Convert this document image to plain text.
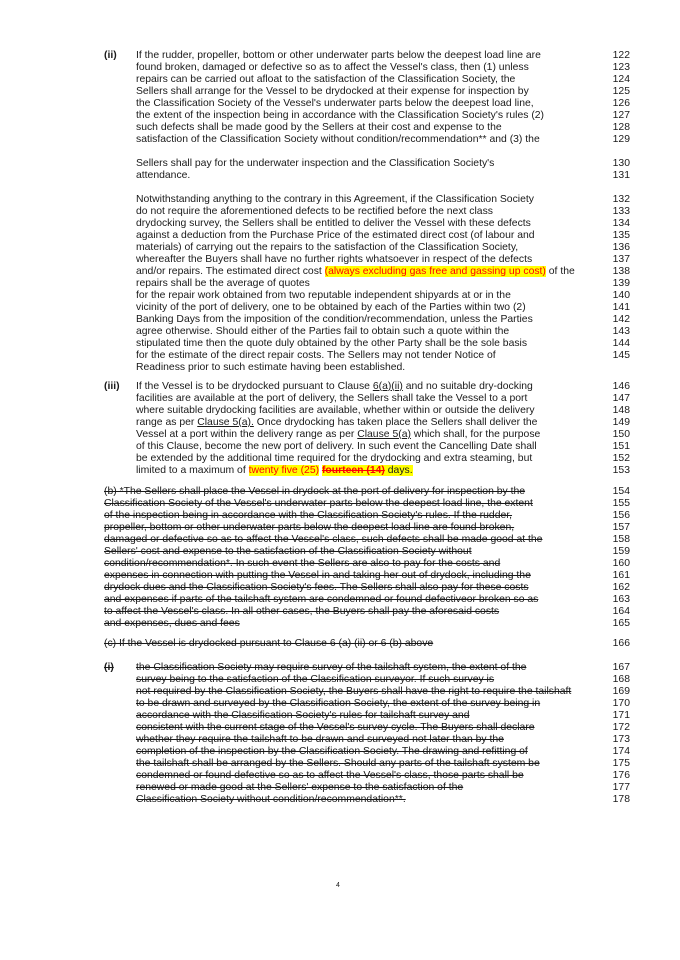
(ii) If the rudder, propeller, bottom or other underwater parts below the deepest load line are	122
found broken, damaged or defective so as to affect the Vessel's class, then (1) unless	123
repairs can be carried out afloat to the satisfaction of the Classification Society, the	124
Sellers shall arrange for the Vessel to be drydocked at their expense for inspection by	125
the Classification Society of the Vessel's underwater parts below the deepest load line,	126
the extent of the inspection being in accordance with the Classification Society's rules (2)	127
such defects shall be made good by the Sellers at their cost and expense to the	128
satisfaction of the Classification Society without condition/recommendation** and (3) the	129
Sellers shall pay for the underwater inspection and the Classification Society's	130
attendance.	131
Notwithstanding anything to the contrary in this Agreement, if the Classification Society	132
do not require the aforementioned defects to be rectified before the next class	133
drydocking survey, the Sellers shall be entitled to deliver the Vessel with these defects	134
against a deduction from the Purchase Price of the estimated direct cost (of labour and	135
materials) of carrying out the repairs to the satisfaction of the Classification Society,	136
whereafter the Buyers shall have no further rights whatsoever in respect of the defects	137
and/or repairs. The estimated direct cost (always excluding gas free and gassing up cost) of the	138
repairs shall be the average of quotes	139
for the repair work obtained from two reputable independent shipyards at or in the	140
vicinity of the port of delivery, one to be obtained by each of the Parties within two (2)	141
Banking Days from the imposition of the condition/recommendation, unless the Parties	142
agree otherwise. Should either of the Parties fail to obtain such a quote within the	143
stipulated time then the quote duly obtained by the other Party shall be the sole basis	144
for the estimate of the direct repair costs. The Sellers may not tender Notice of	145
Readiness prior to such estimate having been established.
(iii) If the Vessel is to be drydocked pursuant to Clause 6(a)(ii) and no suitable dry-docking	146
facilities are available at the port of delivery, the Sellers shall take the Vessel to a port	147
where suitable drydocking facilities are available, whether within or outside the delivery	148
range as per Clause 5(a). Once drydocking has taken place the Sellers shall deliver the	149
Vessel at a port within the delivery range as per Clause 5(a) which shall, for the purpose	150
of this Clause, become the new port of delivery. In such event the Cancelling Date shall	151
be extended by the additional time required for the drydocking and extra steaming, but	152
limited to a maximum of twenty five (25) fourteen (14) days.	153
(b) *The Sellers shall place the Vessel in drydock at the port of delivery for inspection by the	154
Classification Society of the Vessel's underwater parts below the deepest load line, the extent	155
of the inspection being in accordance with the Classification Society's rules. If the rudder,	156
propeller, bottom or other underwater parts below the deepest load line are found broken,	157
damaged or defective so as to affect the Vessel's class, such defects shall be made good at the	158
Sellers' cost and expense to the satisfaction of the Classification Society without	159
condition/recommendation*. In such event the Sellers are also to pay for the costs and	160
expenses in connection with putting the Vessel in and taking her out of drydock, including the	161
drydock dues and the Classification Society's fees. The Sellers shall also pay for these costs	162
and expenses if parts of the tailshaft system are condemned or found defectiveor broken so as	163
to affect the Vessel's class. In all other cases, the Buyers shall pay the aforesaid costs	164
and expenses, dues and fees	165
(c) If the Vessel is drydocked pursuant to Clause 6 (a) (ii) or 6 (b) above	166
(i) the Classification Society may require survey of the tailshaft system, the extent of the	167
survey being to the satisfaction of the Classification surveyor. If such survey is	168
not required by the Classification Society, the Buyers shall have the right to require the tailshaft	169
to be drawn and surveyed by the Classification Society, the extent of the survey being in	170
accordance with the Classification Society's rules for tailshaft survey and	171
consistent with the current stage of the Vessel's survey cycle. The Buyers shall declare	172
whether they require the tailshaft to be drawn and surveyed not later than by the	173
completion of the inspection by the Classification Society. The drawing and refitting of	174
the tailshaft shall be arranged by the Sellers. Should any parts of the tailshaft system be	175
condemned or found defective so as to affect the Vessel's class, those parts shall be	176
renewed or made good at the Sellers' expense to the satisfaction of the	177
Classification Society without condition/recommendation**.	178
4
